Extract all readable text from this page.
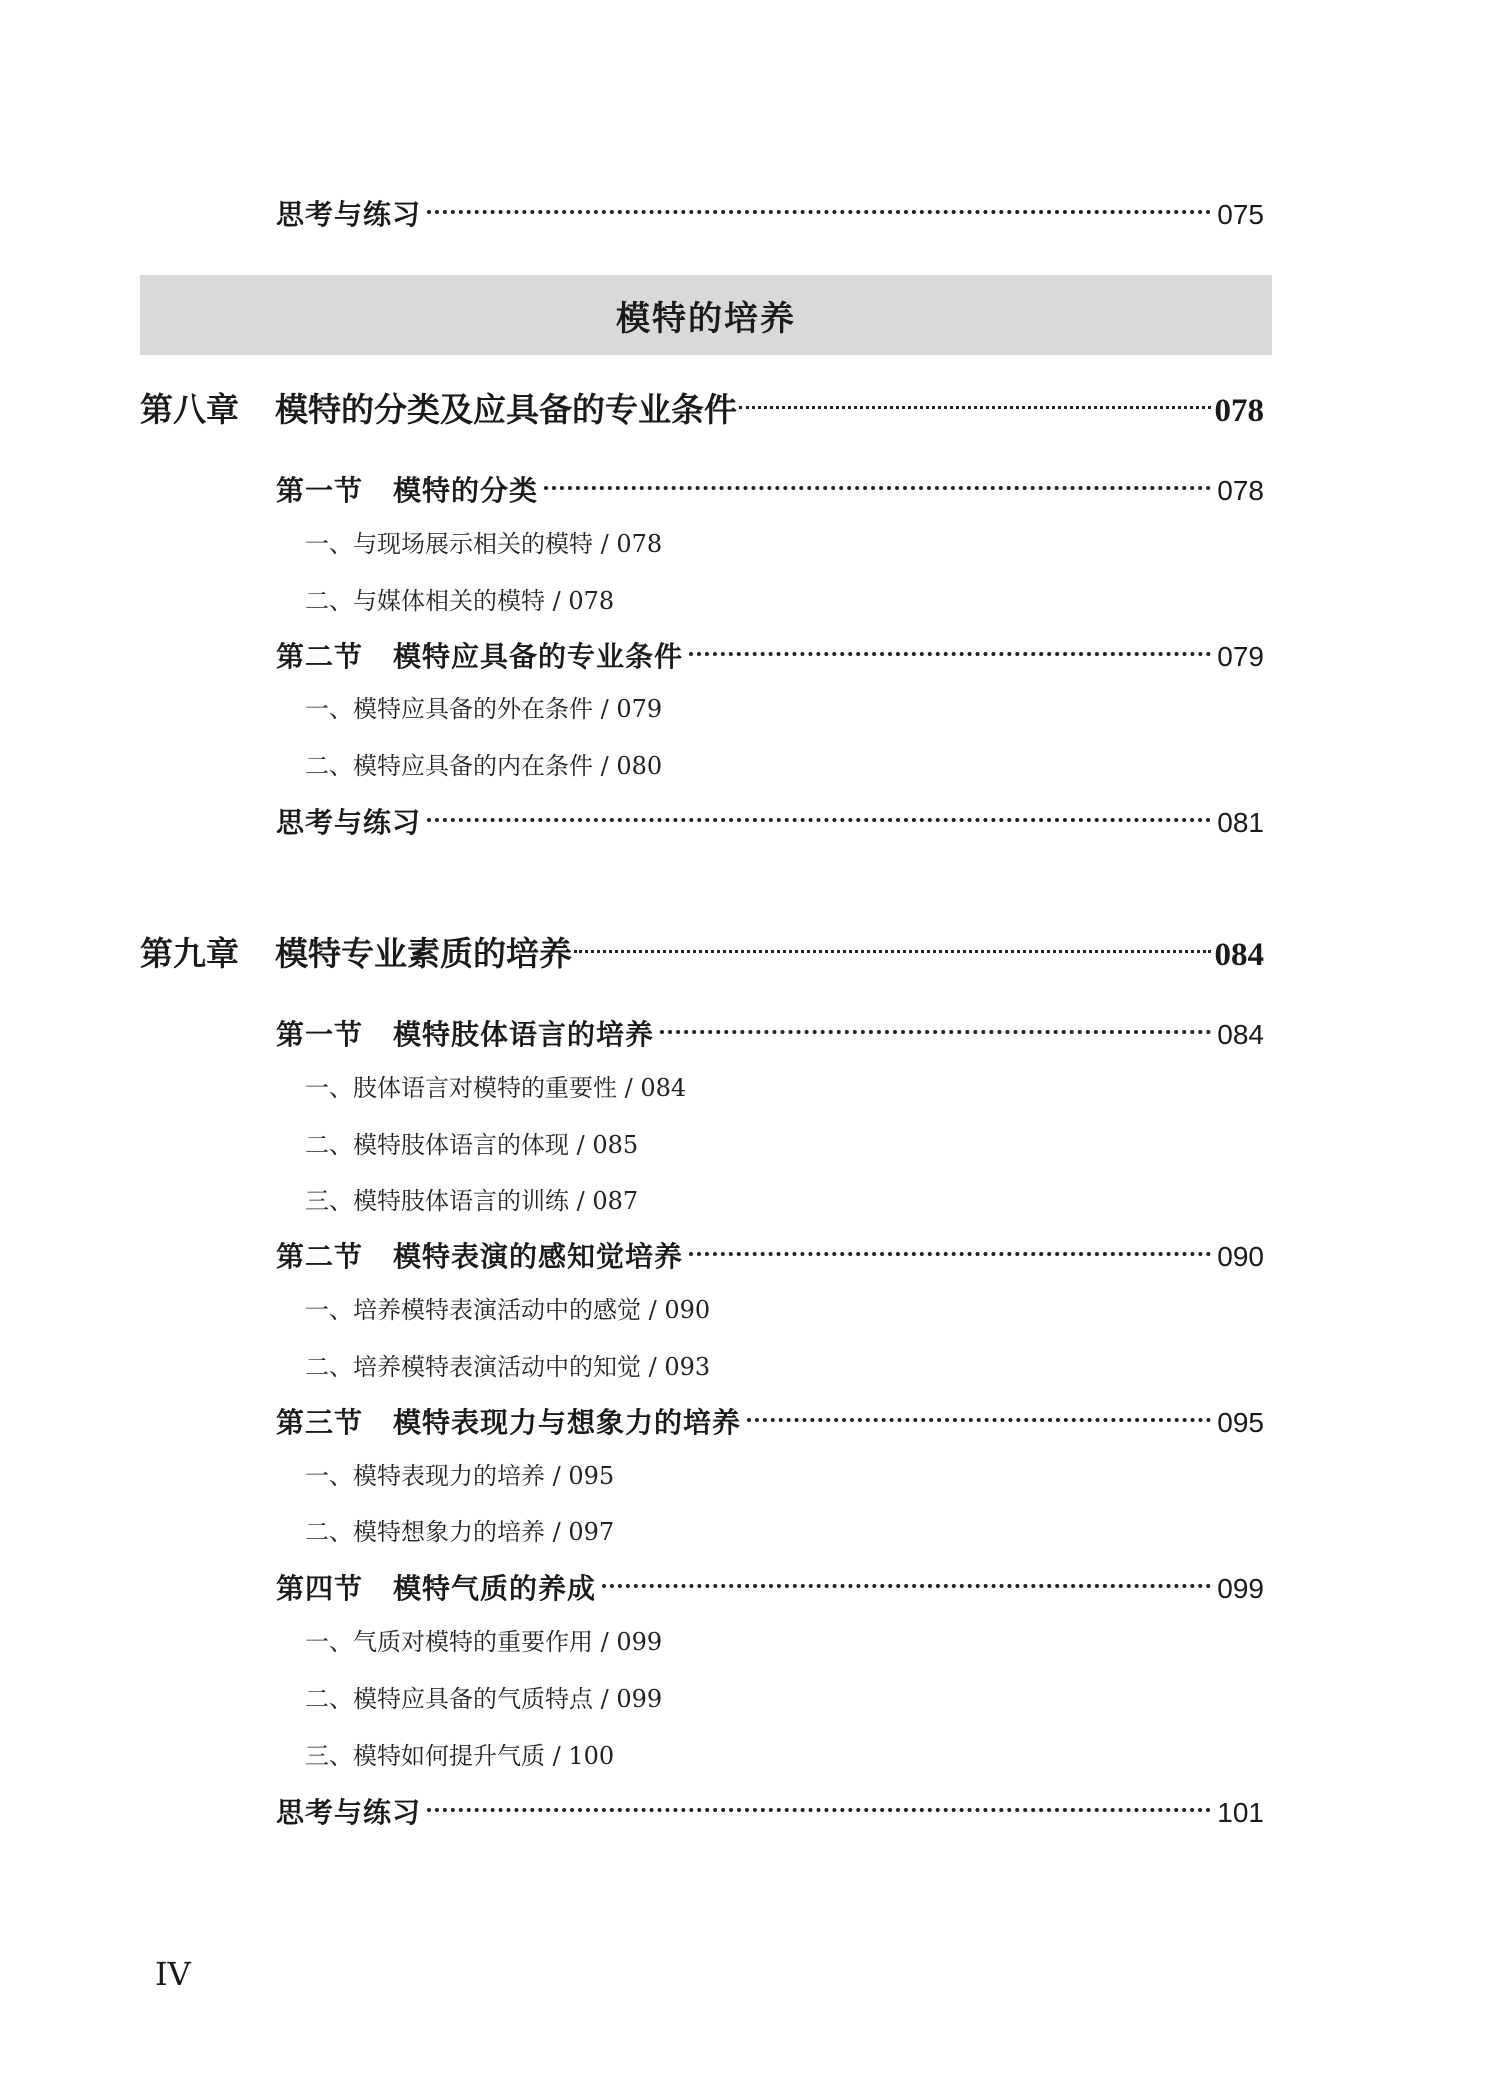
思考与练习	075
模特的培养
第八章	模特的分类及应具备的专业条件	078
第一节 模特的分类	078
一、与现场展示相关的模特 / 078
二、与媒体相关的模特 / 078
第二节 模特应具备的专业条件	079
一、模特应具备的外在条件 / 079
二、模特应具备的内在条件 / 080
思考与练习	081
第九章	模特专业素质的培养	084
第一节 模特肢体语言的培养	084
一、肢体语言对模特的重要性 / 084
二、模特肢体语言的体现 / 085
三、模特肢体语言的训练 / 087
第二节 模特表演的感知觉培养	090
一、培养模特表演活动中的感觉 / 090
二、培养模特表演活动中的知觉 / 093
第三节 模特表现力与想象力的培养	095
一、模特表现力的培养 / 095
二、模特想象力的培养 / 097
第四节 模特气质的养成	099
一、气质对模特的重要作用 / 099
二、模特应具备的气质特点 / 099
三、模特如何提升气质 / 100
思考与练习	101
IV
